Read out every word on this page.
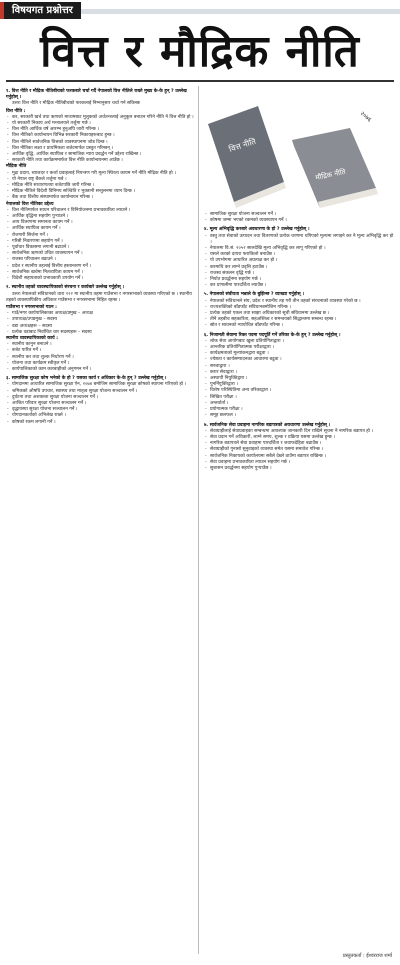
विषयगत प्रश्नोत्तर
वित्त र मौद्रिक नीति
वित्त नीति
मौद्रिक नीति
२०७६
१. वित्त नीति र मौद्रिक नीतिबीचको फरकबारे चर्चा गर्दै नेपालको वित्त नीतिले राख्ने मुख्य के-के हुन् ? उल्लेख गर्नुहोस् ।
उत्तरः वित्त नीति र मौद्रिक नीतिबीचको फरकलाई निम्नानुसार चर्चा गर्न सकिन्छः
वित्त नीति :
- कर, सरकारी खर्च तथा ऋणको माध्यमबाट मुलुकको अर्थतन्त्रलाई अनुकूल बनाउन गरिने नीति नै वित्त नीति हो ।
- यो सरकारी निकाय अर्थ मन्त्रालयले तर्जुमा गर्छ ।
- वित्त नीति आर्थिक वर्ष आरम्भ हुनुअघि जारी गरिन्छ ।
- वित्त नीतिको कार्यान्वयन विभिन्न सरकारी निकायहरूबाट हुन्छ ।
- वित्त नीतिले सार्वजनिक वित्तको व्यवस्थापनमा जोड दिन्छ ।
- वित्त नीतिका लक्ष्य र प्राथमिकता बजेटमार्फत प्रस्तुत गरिन्छन् ।
- आर्थिक वृद्धि, आर्थिक स्थायित्व र सामाजिक न्याय प्रवर्द्धन गर्ने उद्देश्य राखिन्छ ।
- सरकारी नीति तथा कार्यक्रममार्फत वित्त नीति कार्यान्वयनमा आउँछ ।
मौद्रिक नीति
- मुद्रा प्रदाय, ब्याजदर र कर्जा प्रवाहलाई नियन्त्रण गरी मूल्य स्थिरता कायम गर्ने नीति मौद्रिक नीति हो ।
- यो नेपाल राष्ट्र बैंकले तर्जुमा गर्छ ।
- मौद्रिक नीति साधारणतया बजेटपछि जारी गरिन्छ ।
- मौद्रिक नीतिले विदेशी विनिमय सञ्चिति र भुक्तानी सन्तुलनमा ध्यान दिन्छ ।
- बैंक तथा वित्तीय संस्थामार्फत कार्यान्वयन गरिन्छ ।
नेपालको वित्त नीतिका उद्देश्य
- वित्त नीतिमार्फत साधन परिचालन र विनियोजनमा प्रभावकारिता ल्याउने ।
- आर्थिक वृद्धिमा सहयोग पुर्‍याउने ।
- आय वितरणमा समानता कायम गर्ने ।
- आर्थिक स्थायित्व कायम गर्ने ।
- रोजगारी सिर्जना गर्ने ।
- गरिबी निवारणमा सहयोग गर्ने ।
- पूर्वाधार विकासमा लगानी बढाउने ।
- सार्वजनिक ऋणको उचित व्यवस्थापन गर्ने ।
- राजस्व परिचालन बढाउने ।
- प्रदेश र स्थानीय तहलाई वित्तीय हस्तान्तरण गर्ने ।
- सार्वजनिक खर्चमा मितव्ययिता कायम गर्ने ।
- विदेशी सहायताको प्रभावकारी उपयोग गर्ने ।
२. स्थानीय तहको व्यवस्थापिकाको संरचना र कार्यबारे उल्लेख गर्नुहोस् ।
उत्तरः नेपालको संविधानको धारा २२२ मा स्थानीय तहमा गाउँसभा र नगरसभाको व्यवस्था गरिएको छ । स्थानीय तहको व्यवस्थापिकीय अधिकार गाउँसभा र नगरसभामा निहित रहन्छ ।
गाउँसभा र नगरसभाको गठन :
- गाउँ/नगर कार्यपालिकाका अध्यक्ष/प्रमुख – अध्यक्ष
- उपाध्यक्ष/उपप्रमुख – सदस्य
- वडा अध्यक्षहरू – सदस्य
- प्रत्येक वडाबाट निर्वाचित चार सदस्यहरू – सदस्य
स्थानीय व्यवस्थापिकाको कार्य :
- स्थानीय कानुन बनाउने ।
- बजेट पारित गर्ने ।
- स्थानीय कर तथा शुल्क निर्धारण गर्ने ।
- योजना तथा कार्यक्रम स्वीकृत गर्ने ।
- कार्यपालिकाको काम कारबाहीको अनुगमन गर्ने ।
३. सामाजिक सुरक्षा कोष भनेको के हो ? यसका कार्य र अधिकार के-के हुन् ? उल्लेख गर्नुहोस् ।
- योगदानमा आधारित सामाजिक सुरक्षा ऐन, २०७४ बमोजिम सामाजिक सुरक्षा कोषको स्थापना गरिएको हो ।
- श्रमिकको औषधि उपचार, स्वास्थ्य तथा मातृत्व सुरक्षा योजना सञ्चालन गर्ने ।
- दुर्घटना तथा अशक्तता सुरक्षा योजना सञ्चालन गर्ने ।
- आश्रित परिवार सुरक्षा योजना सञ्चालन गर्ने ।
- वृद्धावस्था सुरक्षा योजना सञ्चालन गर्ने ।
- योगदानकर्ताको अभिलेख राख्ने ।
- कोषको रकम लगानी गर्ने ।
- सामाजिक सुरक्षा योजना सञ्चालन गर्ने ।
- कोषमा जम्मा भएको रकमको व्यवस्थापन गर्ने ।
४. मूल्य अभिवृद्धि करबारे अवधारणा के हो ? उल्लेख गर्नुहोस् ।
- वस्तु तथा सेवाको उत्पादन तथा वितरणको प्रत्येक चरणमा थपिएको मूल्यमा लगाइने कर नै मूल्य अभिवृद्धि कर हो ।
- नेपालमा वि.सं. २०५२ सालदेखि मूल्य अभिवृद्धि कर लागू गरिएको हो ।
- यसले करको दायरा फराकिलो बनाउँछ ।
- यो उपभोगमा आधारित अप्रत्यक्ष कर हो ।
- करमाथि कर लाग्ने प्रवृत्ति हटाउँछ ।
- राजस्व संकलन वृद्धि गर्छ ।
- निर्यात प्रवर्द्धनमा सहयोग गर्छ ।
- कर प्रणालीमा पारदर्शिता ल्याउँछ ।
५. नेपालको संघीयता भन्नाले के बुझिन्छ ? व्याख्या गर्नुहोस् ।
- नेपालको संविधानले संघ, प्रदेश र स्थानीय तह गरी तीन तहको संरचनाको व्यवस्था गरेको छ ।
- राज्यशक्तिको बाँडफाँट संविधानबमोजिम गरिन्छ ।
- प्रत्येक तहको एकल तथा साझा अधिकारको सूची संविधानमा उल्लेख छ ।
- तीनै तहबीच सहकारिता, सहअस्तित्व र समन्वयको सिद्धान्तमा सम्बन्ध रहन्छ ।
- स्रोत र साधनको न्यायोचित बाँडफाँट गरिन्छ ।
६. निजामती सेवामा रिक्त पदमा पदपूर्ति गर्ने तरिका के-के हुन् ? उल्लेख गर्नुहोस् ।
- लोक सेवा आयोगबाट खुला प्रतियोगिताद्वारा ।
- आन्तरिक प्रतियोगितात्मक परीक्षाद्वारा ।
- कार्यक्षमताको मूल्यांकनद्वारा बढुवा ।
- ज्येष्ठता र कार्यसम्पादनका आधारमा बढुवा ।
- सरुवाद्वारा ।
- करार सेवाद्वारा ।
- अस्थायी नियुक्तिद्वारा ।
- पुनर्नियुक्तिद्वारा ।
- विशेष परिस्थितिमा अन्य तरिकाद्वारा ।
- लिखित परीक्षा ।
- अन्तर्वार्ता ।
- प्रयोगात्मक परीक्षा ।
- समूह छलफल ।
७. सार्वजनिक सेवा प्रवाहमा नागरिक बडापत्रको अवधारणा उल्लेख गर्नुहोस् ।
- सेवाग्राहीलाई सेवाप्रवाहका सम्बन्धमा आवश्यक जानकारी दिन राखिने सूचना नै नागरिक बडापत्र हो ।
- सेवा प्रदान गर्ने अधिकारी, लाग्ने समय, शुल्क र प्रक्रिया यसमा उल्लेख हुन्छ ।
- नागरिक बडापत्रले सेवा प्रवाहमा पारदर्शिता र जवाफदेहिता बढाउँछ ।
- सेवाग्राहीको गुनासो सुनुवाइको व्यवस्था समेत यसमा समावेश गरिन्छ ।
- सार्वजनिक निकायको कार्यालयमा सबैले देख्ने ठाउँमा बडापत्र राखिन्छ ।
- सेवा प्रवाहमा प्रभावकारिता ल्याउन सहयोग गर्छ ।
- सुशासन प्रवर्द्धनमा सहयोग पुर्‍याउँछ ।
प्रस्तुतकर्ता : ईश्वरराज शर्मा
